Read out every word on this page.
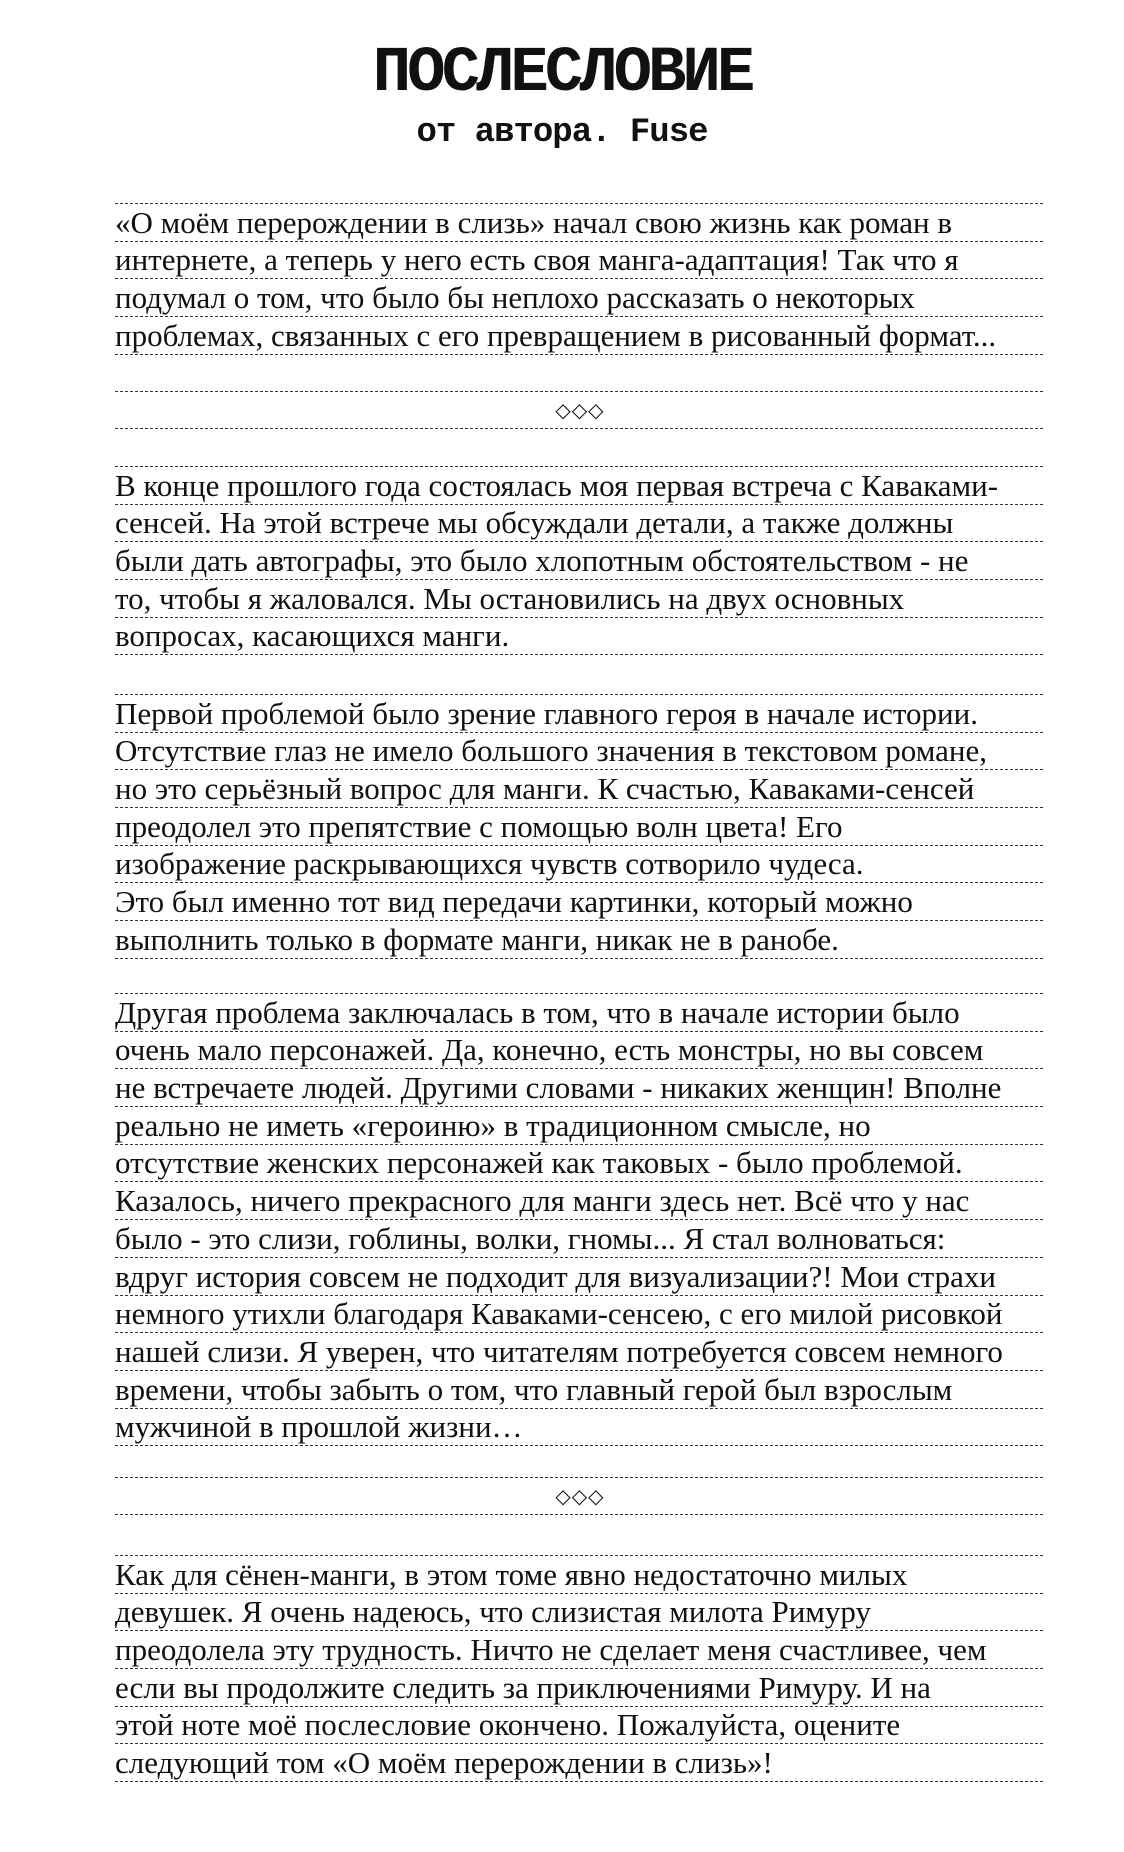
ПОСЛЕСЛОВИЕ
от автора. Fuse
«О моём перерождении в слизь» начал свою жизнь как роман в
интернете, а теперь у него есть своя манга-адаптация! Так что я
подумал о том, что было бы неплохо рассказать о некоторых
проблемах, связанных с его превращением в рисованный формат...
◇◇◇
В конце прошлого года состоялась моя первая встреча с Каваками-
сенсей. На этой встрече мы обсуждали детали, а также должны
были дать автографы, это было хлопотным обстоятельством - не
то, чтобы я жаловался. Мы остановились на двух основных
вопросах, касающихся манги.
Первой проблемой было зрение главного героя в начале истории.
Отсутствие глаз не имело большого значения в текстовом романе,
но это серьёзный вопрос для манги. К счастью, Каваками-сенсей
преодолел это препятствие с помощью волн цвета! Его
изображение раскрывающихся чувств сотворило чудеса.
Это был именно тот вид передачи картинки, который можно
выполнить только в формате манги, никак не в ранобе.
Другая проблема заключалась в том, что в начале истории было
очень мало персонажей. Да, конечно, есть монстры, но вы совсем
не встречаете людей. Другими словами - никаких женщин! Вполне
реально не иметь «героиню» в традиционном смысле, но
отсутствие женских персонажей как таковых - было проблемой.
Казалось, ничего прекрасного для манги здесь нет. Всё что у нас
было - это слизи, гоблины, волки, гномы... Я стал волноваться:
вдруг история совсем не подходит для визуализации?! Мои страхи
немного утихли благодаря Каваками-сенсею, с его милой рисовкой
нашей слизи. Я уверен, что читателям потребуется совсем немного
времени, чтобы забыть о том, что главный герой был взрослым
мужчиной в прошлой жизни…
◇◇◇
Как для сёнен-манги, в этом томе явно недостаточно милых
девушек. Я очень надеюсь, что слизистая милота Римуру
преодолела эту трудность. Ничто не сделает меня счастливее, чем
если вы продолжите следить за приключениями Римуру. И на
этой ноте моё послесловие окончено. Пожалуйста, оцените
следующий том «О моём перерождении в слизь»!
